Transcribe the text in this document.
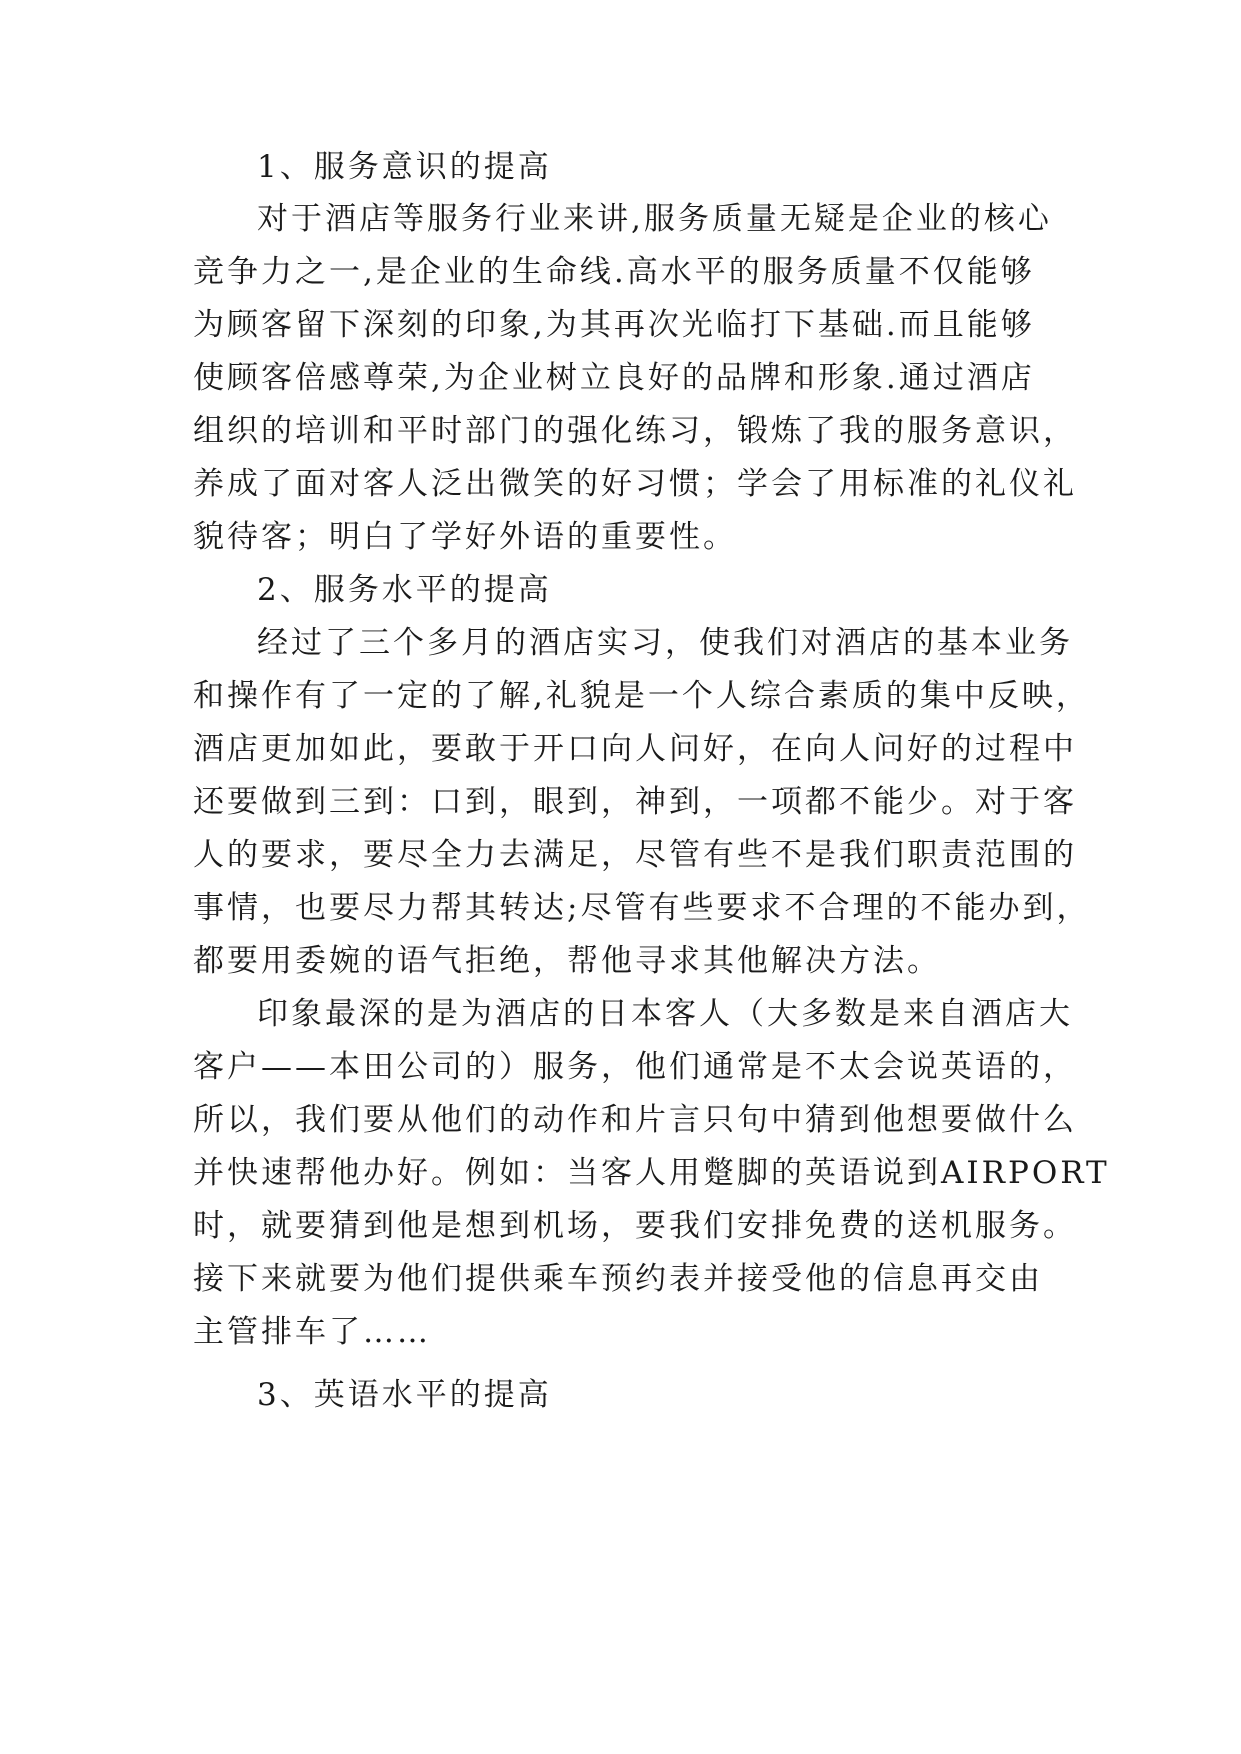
1、服务意识的提高
对于酒店等服务行业来讲,服务质量无疑是企业的核心
竞争力之一,是企业的生命线.高水平的服务质量不仅能够
为顾客留下深刻的印象,为其再次光临打下基础.而且能够
使顾客倍感尊荣,为企业树立良好的品牌和形象.通过酒店
组织的培训和平时部门的强化练习，锻炼了我的服务意识，
养成了面对客人泛出微笑的好习惯；学会了用标准的礼仪礼
貌待客；明白了学好外语的重要性。
2、服务水平的提高
经过了三个多月的酒店实习，使我们对酒店的基本业务
和操作有了一定的了解,礼貌是一个人综合素质的集中反映，
酒店更加如此，要敢于开口向人问好，在向人问好的过程中
还要做到三到：口到，眼到，神到，一项都不能少。对于客
人的要求，要尽全力去满足，尽管有些不是我们职责范围的
事情，也要尽力帮其转达;尽管有些要求不合理的不能办到，
都要用委婉的语气拒绝，帮他寻求其他解决方法。
印象最深的是为酒店的日本客人（大多数是来自酒店大
客户——本田公司的）服务，他们通常是不太会说英语的，
所以，我们要从他们的动作和片言只句中猜到他想要做什么
并快速帮他办好。例如：当客人用蹩脚的英语说到AIRPORT
时，就要猜到他是想到机场，要我们安排免费的送机服务。
接下来就要为他们提供乘车预约表并接受他的信息再交由
主管排车了……
3、英语水平的提高
